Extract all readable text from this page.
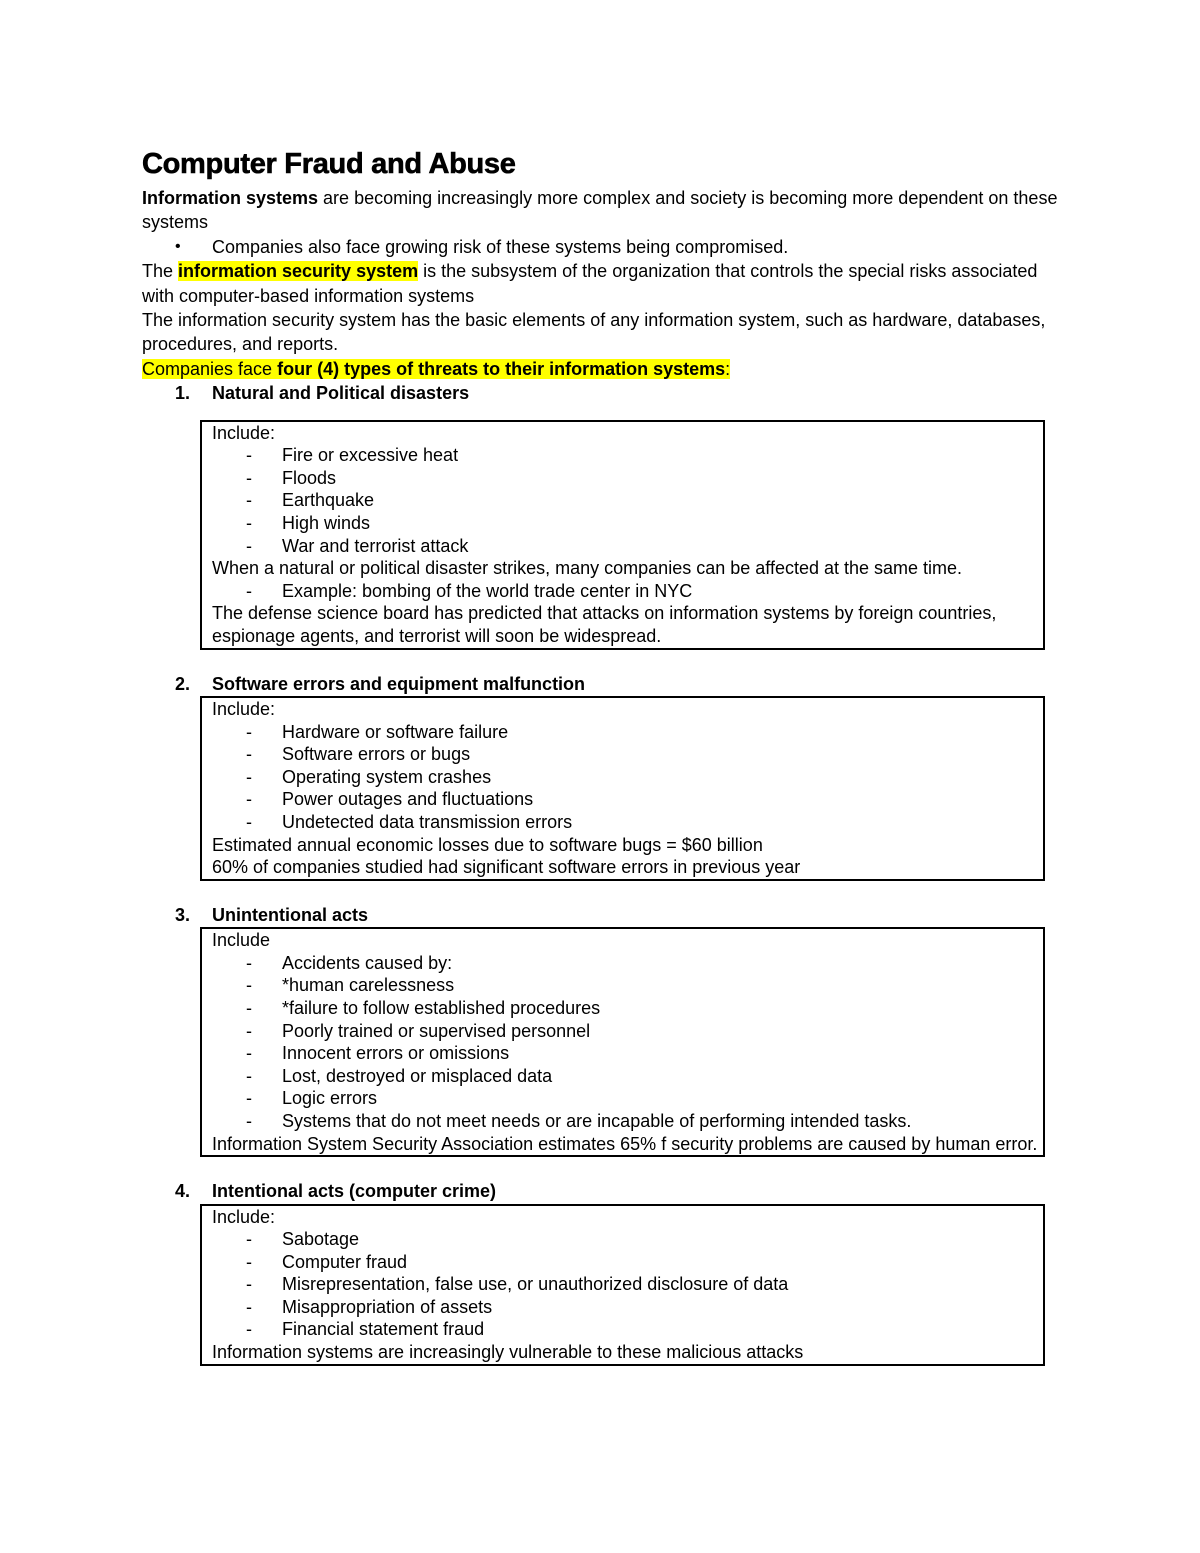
Computer Fraud and Abuse

Information systems are becoming increasingly more complex and society is becoming more dependent on these systems

• Companies also face growing risk of these systems being compromised.

The information security system is the subsystem of the organization that controls the special risks associated with computer-based information systems

The information security system has the basic elements of any information system, such as hardware, databases, procedures, and reports.

Companies face four (4) types of threats to their information systems:

1. Natural and Political disasters
Include:
- Fire or excessive heat
- Floods
- Earthquake
- High winds
- War and terrorist attack
When a natural or political disaster strikes, many companies can be affected at the same time.
- Example: bombing of the world trade center in NYC
The defense science board has predicted that attacks on information systems by foreign countries, espionage agents, and terrorist will soon be widespread.
2. Software errors and equipment malfunction
Include:
- Hardware or software failure
- Software errors or bugs
- Operating system crashes
- Power outages and fluctuations
- Undetected data transmission errors
Estimated annual economic losses due to software bugs = $60 billion
60% of companies studied had significant software errors in previous year
3. Unintentional acts
Include
- Accidents caused by:
- *human carelessness
- *failure to follow established procedures
- Poorly trained or supervised personnel
- Innocent errors or omissions
- Lost, destroyed or misplaced data
- Logic errors
- Systems that do not meet needs or are incapable of performing intended tasks.
Information System Security Association estimates 65% f security problems are caused by human error.
4. Intentional acts (computer crime)
Include:
- Sabotage
- Computer fraud
- Misrepresentation, false use, or unauthorized disclosure of data
- Misappropriation of assets
- Financial statement fraud
Information systems are increasingly vulnerable to these malicious attacks
